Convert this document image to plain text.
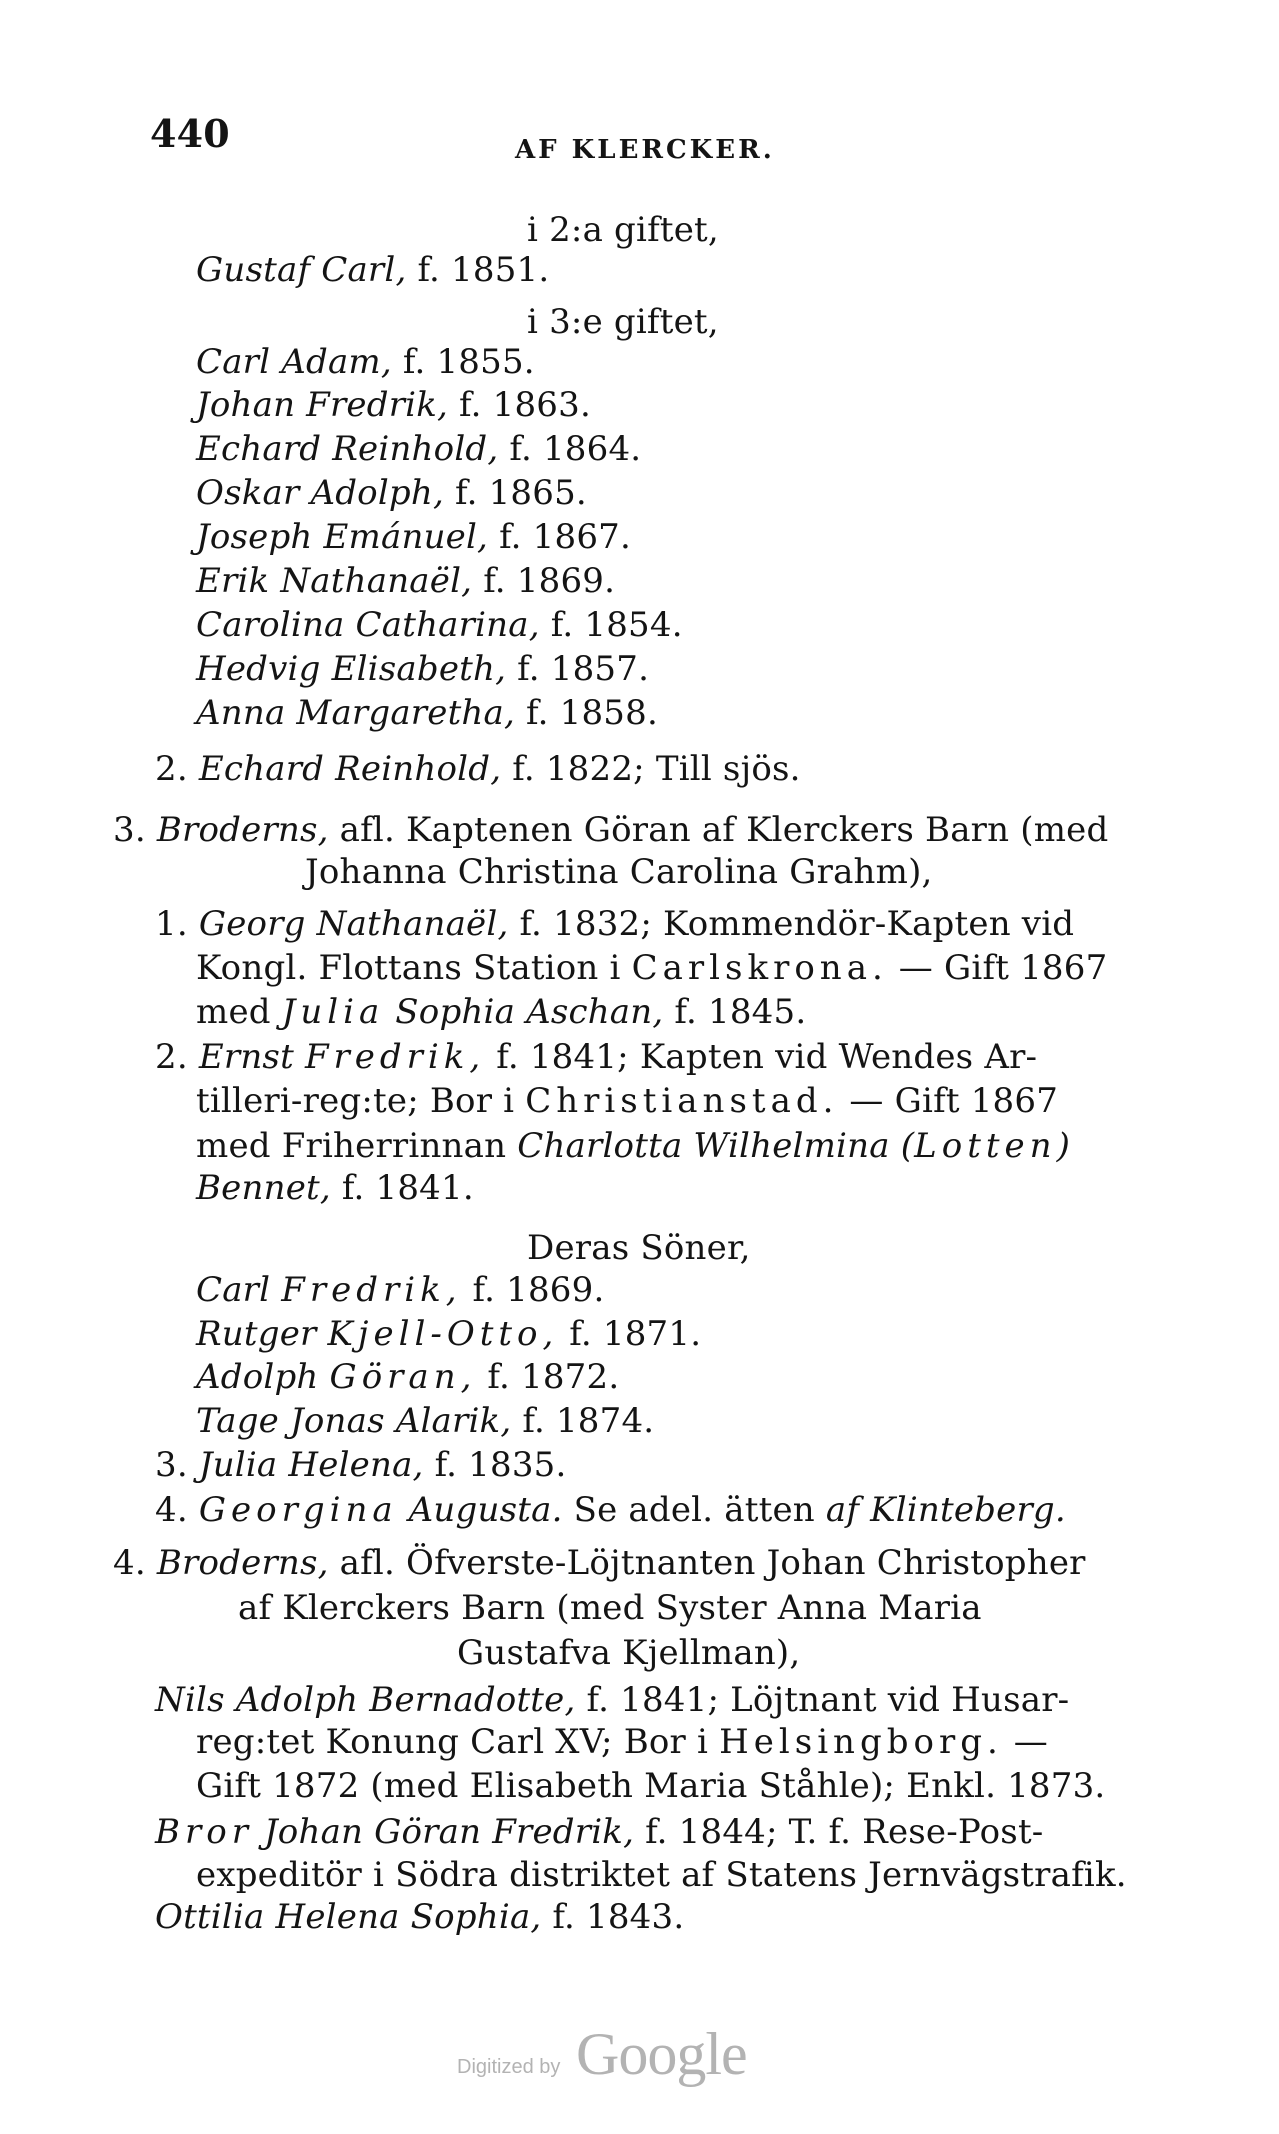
440	AF KLERCKER.
i 2:a giftet,
Gustaf Carl, f. 1851.
i 3:e giftet,
Carl Adam, f. 1855.
Johan Fredrik, f. 1863.
Echard Reinhold, f. 1864.
Oskar Adolph, f. 1865.
Joseph Emánuel, f. 1867.
Erik Nathanaël, f. 1869.
Carolina Catharina, f. 1854.
Hedvig Elisabeth, f. 1857.
Anna Margaretha, f. 1858.
2. Echard Reinhold, f. 1822; Till sjös.
3. Broderns, afl. Kaptenen Göran af Klerckers Barn (med
Johanna Christina Carolina Grahm),
1. Georg Nathanaël, f. 1832; Kommendör-Kapten vid
Kongl. Flottans Station i Carlskrona. — Gift 1867
med Julia Sophia Aschan, f. 1845.
2. Ernst Fredrik, f. 1841; Kapten vid Wendes Ar-
tilleri-reg:te; Bor i Christianstad. — Gift 1867
med Friherrinnan Charlotta Wilhelmina (Lotten)
Bennet, f. 1841.
Deras Söner,
Carl Fredrik, f. 1869.
Rutger Kjell-Otto, f. 1871.
Adolph Göran, f. 1872.
Tage Jonas Alarik, f. 1874.
3. Julia Helena, f. 1835.
4. Georgina Augusta. Se adel. ätten af Klinteberg.
4. Broderns, afl. Öfverste-Löjtnanten Johan Christopher
af Klerckers Barn (med Syster Anna Maria
Gustafva Kjellman),
Nils Adolph Bernadotte, f. 1841; Löjtnant vid Husar-
reg:tet Konung Carl XV; Bor i Helsingborg. —
Gift 1872 (med Elisabeth Maria Ståhle); Enkl. 1873.
Bror Johan Göran Fredrik, f. 1844; T. f. Rese-Post-
expeditör i Södra distriktet af Statens Jernvägstrafik.
Ottilia Helena Sophia, f. 1843.
Digitized by Google
